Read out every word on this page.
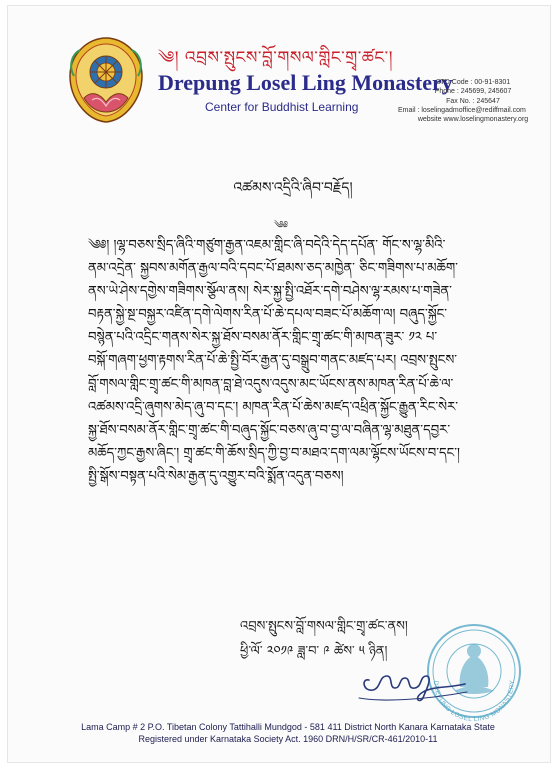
༄། འབྲས་སྤུངས་བློ་གསལ་གླིང་གྲྭ་ཚང་།
Drepung Losel Ling Monastery
Center for Buddhist Learning
STD Code : 00-91-8301
Phone : 245699, 245607
Fax No. : 245647
Email : loselingadmoffice@rediffmail.com
website www.loselingmonastery.org
འཚམས་འདྲིའི་ཞིབ་བརྗོད།
༄༅
༄༅། །ལྷ་བཅས་སྲིད་ཞིའི་གཙུག་རྒྱན་འཇམ་གླིང་ཞི་བདེའི་དེད་དཔོན་ གོང་ས་ལྷ་མིའི་
ནམ་འདྲེན་ སྐྱབས་མགོན་རྒྱལ་བའི་དབང་པོ་ཐམས་ཅད་མཁྱེན་ ཅིང་གཟིགས་པ་མཆོག་
ནས་ཡེ་ཤེས་དགྱེས་གཟིགས་སྩོལ་ནས། སེར་སྐྱ་སྤྱི་འཐོར་དགེ་བཤེས་ལྷ་རམས་པ་གཟེན་
བརྟན་སྐྱེ་སྔ་བསྐྱར་འཛིན་དགེ་ལེགས་རིན་པོ་ཆེ་དཔལ་བཟང་པོ་མཆོག་ལ། བཞུད་སྐྱོང་
བསྙེན་པའི་འདྲིང་གནས་སེར་སྐྱ་ཐོས་བསམ་ནོར་གླིང་གྲྭ་ཚང་གི་མཁན་ཟུར་ ༡༢ པ་
བསྐོ་གཞག་ཕྱག་རྟགས་རིན་པོ་ཆེ་སྤྱི་བོར་རྒྱན་དུ་བསྒྲུབ་གནང་མཛད་པར། འབྲས་སྤུངས་
བློ་གསལ་གླིང་གྲྭ་ཚང་གི་མཁན་བླ་ཐེ་འདུས་འདུས་མང་ཡོངས་ནས་མཁན་རིན་པོ་ཆེ་ལ་
འཚམས་འདྲི་ཞུགས་མེད་ཞུ་བ་དང་། མཁན་རིན་པོ་ཆེས་མཛད་འཕྲིན་སྐྱོང་རྒྱུན་རིང་སེར་
སྐྱ་ཐོས་བསམ་ནོར་གླིང་གྲྭ་ཚང་གི་བཞུད་སྐྱོང་བཅས་ཞུ་བ་བྱ་ལ་བཞིན་ལྷ་མཐུན་དབྱར་
མཆོད་ཀྱང་རྒྱས་ཞིང་། གྲྭ་ཚང་གི་ཆོས་སྲིད་ཀྱི་བྱ་བ་མཐའ་དག་ལམ་ལྷོངས་ཡོངས་བ་དང་།
སྤྱི་སྒོས་བསྟན་པའི་སེམ་རྒྱན་དུ་འགྱུར་བའི་སྨོན་འདུན་བཅས།
འབྲས་སྤུངས་བློ་གསལ་གླིང་གྲྭ་ཚང་ནས།
ཕྱི་ལོ་ ༢༠༡༩ ཟླ་བ་ ༩ ཚེས་ ༥ ཉིན།
DREPUNG LOSEL LING MONASTERY
Lama Camp # 2 P.O. Tibetan Colony Tattihalli Mundgod - 581 411 District North Kanara Karnataka State
Registered under Karnataka Society Act. 1960 DRN/H/SR/CR-461/2010-11
